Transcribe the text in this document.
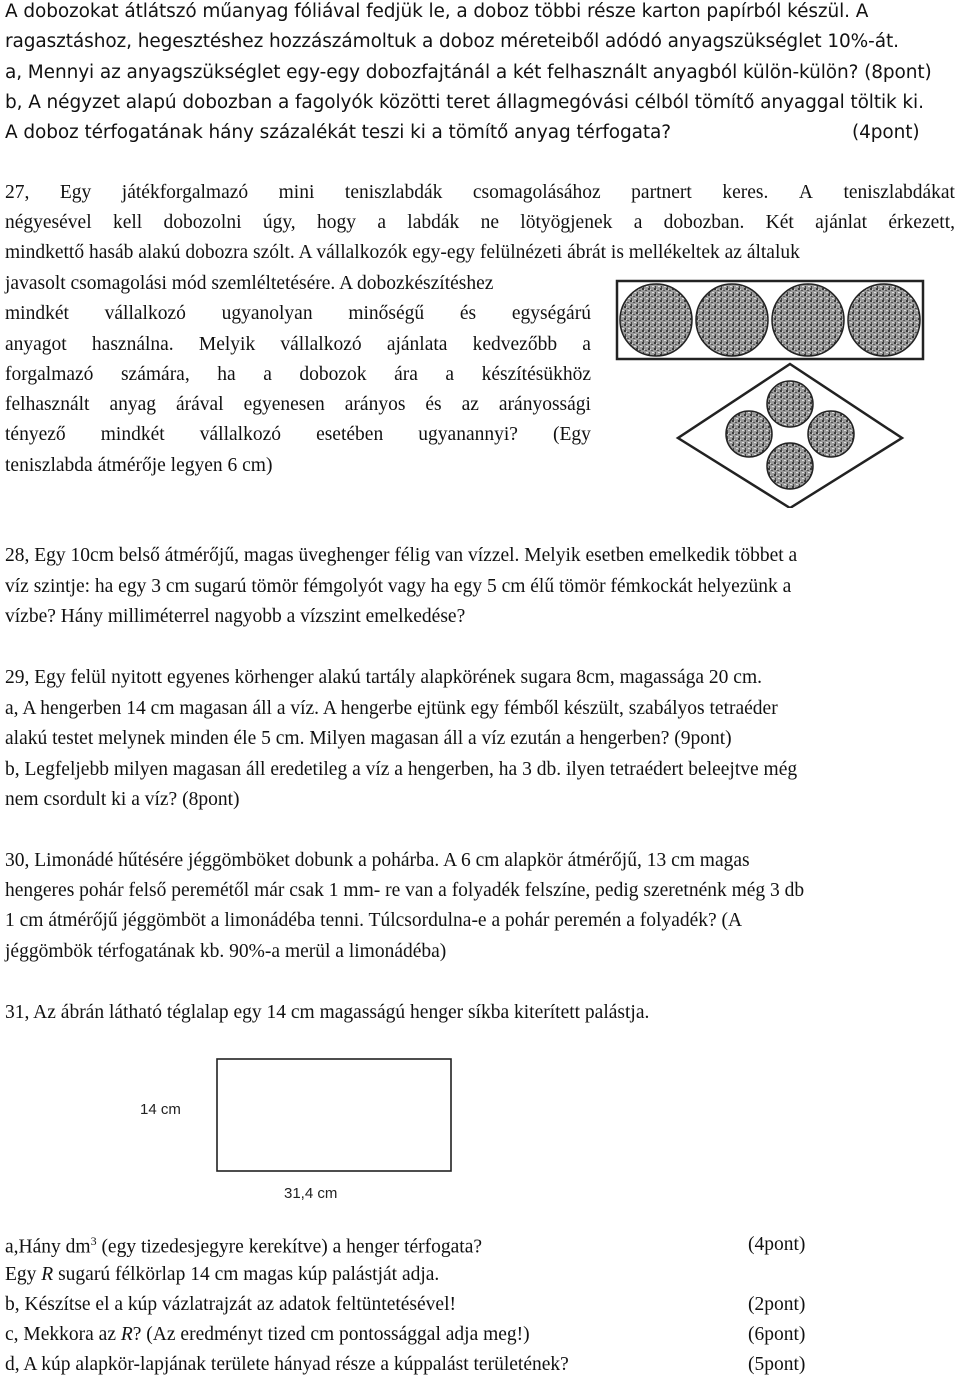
A dobozokat átlátszó műanyag fóliával fedjük le, a doboz többi része karton papírból készül. A
ragasztáshoz, hegesztéshez hozzászámoltuk a doboz méreteiből adódó anyagszükséglet 10%-át.
a, Mennyi az anyagszükséglet egy-egy dobozfajtánál a két felhasznált anyagból külön-külön? (8pont)
b, A négyzet alapú dobozban a fagolyók közötti teret állagmegóvási célból tömítő anyaggal töltik ki.
A doboz térfogatának hány százalékát teszi ki a tömítő anyag térfogata?	(4pont)
27, Egy játékforgalmazó mini teniszlabdák csomagolásához partnert keres. A teniszlabdákat
négyesével kell dobozolni úgy, hogy a labdák ne lötyögjenek a dobozban. Két ajánlat érkezett,
mindkettő hasáb alakú dobozra szólt. A vállalkozók egy-egy felülnézeti ábrát is mellékeltek az általuk
javasolt csomagolási mód szemléltetésére. A dobozkészítéshez
mindkét vállalkozó ugyanolyan minőségű és egységárú
anyagot használna. Melyik vállalkozó ajánlata kedvezőbb a
forgalmazó számára, ha a dobozok ára a készítésükhöz
felhasznált anyag árával egyenesen arányos és az arányossági
tényező mindkét vállalkozó esetében ugyanannyi? (Egy
teniszlabda átmérője legyen 6 cm)
28, Egy 10cm belső átmérőjű, magas üveghenger félig van vízzel. Melyik esetben emelkedik többet a
víz szintje: ha egy 3 cm sugarú tömör fémgolyót vagy ha egy 5 cm élű tömör fémkockát helyezünk a
vízbe? Hány milliméterrel nagyobb a vízszint emelkedése?
29, Egy felül nyitott egyenes körhenger alakú tartály alapkörének sugara 8cm, magassága 20 cm.
a, A hengerben 14 cm magasan áll a víz. A hengerbe ejtünk egy fémből készült, szabályos tetraéder
alakú testet melynek minden éle 5 cm. Milyen magasan áll a víz ezután a hengerben? (9pont)
b, Legfeljebb milyen magasan áll eredetileg a víz a hengerben, ha 3 db. ilyen tetraédert beleejtve még
nem csordult ki a víz? (8pont)
30, Limonádé hűtésére jéggömböket dobunk a pohárba. A 6 cm alapkör átmérőjű, 13 cm magas
hengeres pohár felső peremétől már csak 1 mm- re van a folyadék felszíne, pedig szeretnénk még 3 db
1 cm átmérőjű jéggömböt a limonádéba tenni. Túlcsordulna-e a pohár peremén a folyadék? (A
jéggömbök térfogatának kb. 90%-a merül a limonádéba)
31, Az ábrán látható téglalap egy 14 cm magasságú henger síkba kiterített palástja.
14 cm
31,4 cm
a,Hány $dm^3$ (egy tizedesjegyre kerekítve) a henger térfogata?	(4pont)
Egy R sugarú félkörlap 14 cm magas kúp palástját adja.
b, Készítse el a kúp vázlatrajzát az adatok feltüntetésével!	(2pont)
c, Mekkora az R? (Az eredményt tized cm pontossággal adja meg!)	(6pont)
d, A kúp alapkör-lapjának területe hányad része a kúppalást területének?	(5pont)
